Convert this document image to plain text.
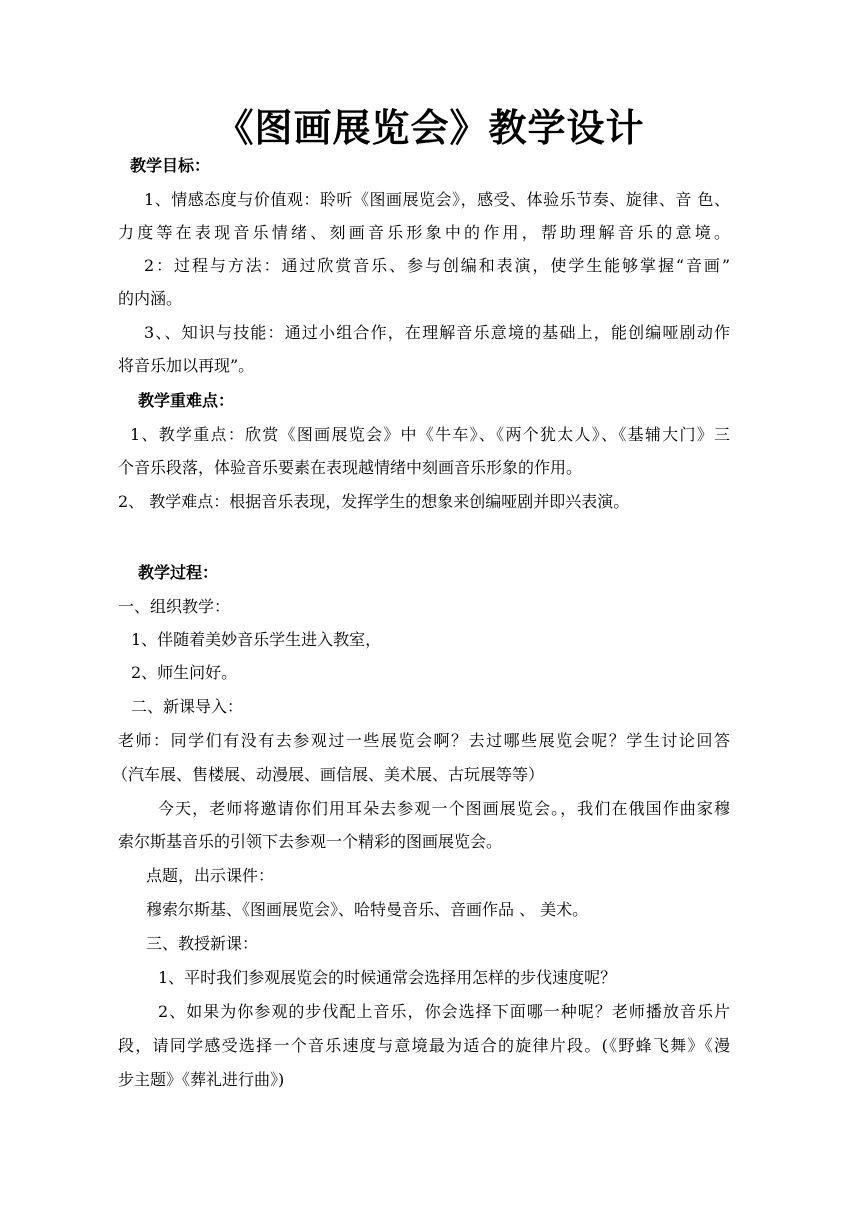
《图画展览会》教学设计
教学目标：
1、情感态度与价值观：聆听《图画展览会》，感受、体验乐节奏、旋律、音 色、
力度等在表现音乐情绪、刻画音乐形象中的作用，帮助理解音乐的意境。
2：过程与方法：通过欣赏音乐、参与创编和表演，使学生能够掌握“音画”
的内涵。
3、、知识与技能：通过小组合作，在理解音乐意境的基础上，能创编哑剧动作
将音乐加以再现”。
教学重难点：
1、教学重点：欣赏《图画展览会》中《牛车》、《两个犹太人》、《基辅大门》三
个音乐段落，体验音乐要素在表现越情绪中刻画音乐形象的作用。
2、 教学难点：根据音乐表现，发挥学生的想象来创编哑剧并即兴表演。
教学过程：
一、组织教学：
1、伴随着美妙音乐学生进入教室，
2、师生问好。
二、新课导入：
老师：同学们有没有去参观过一些展览会啊？去过哪些展览会呢？学生讨论回答
（汽车展、售楼展、动漫展、画信展、美术展、古玩展等等）
今天，老师将邀请你们用耳朵去参观一个图画展览会。，我们在俄国作曲家穆
索尔斯基音乐的引领下去参观一个精彩的图画展览会。
点题，出示课件：
穆索尔斯基、《图画展览会》、哈特曼音乐、音画作品 、 美术。
三、教授新课：
1、平时我们参观展览会的时候通常会选择用怎样的步伐速度呢？
2、如果为你参观的步伐配上音乐，你会选择下面哪一种呢？老师播放音乐片
段，请同学感受选择一个音乐速度与意境最为适合的旋律片段。(《野蜂飞舞》《漫
步主题》《葬礼进行曲》)
